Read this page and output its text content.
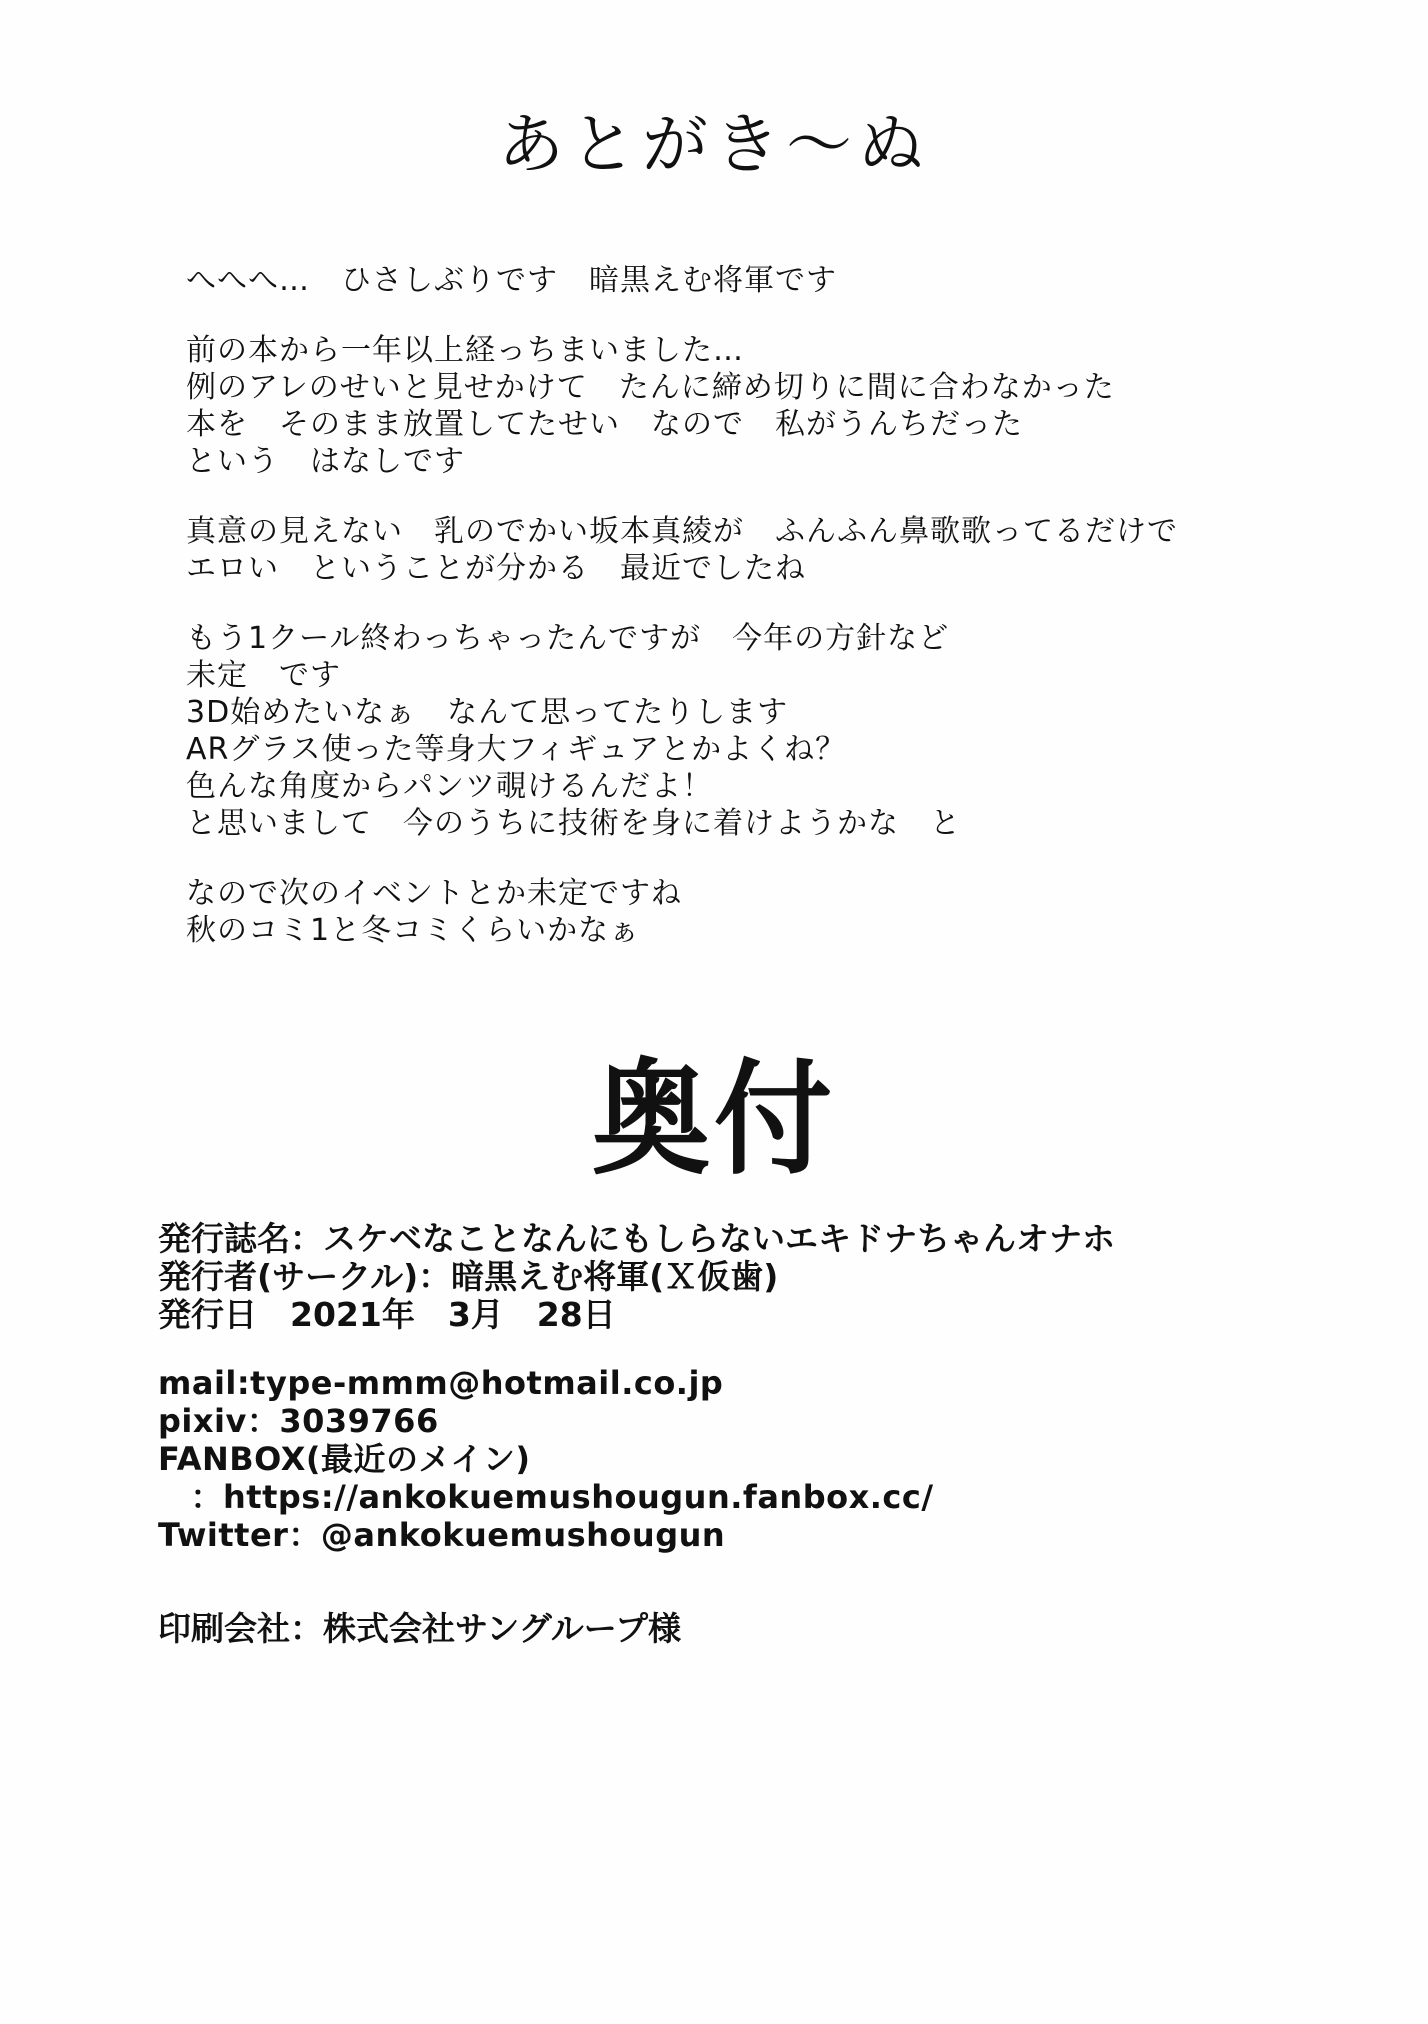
あとがき～ぬ

へへへ…　ひさしぶりです　暗黒えむ将軍です

前の本から一年以上経っちまいました…
例のアレのせいと見せかけて　たんに締め切りに間に合わなかった
本を　そのまま放置してたせい　なので　私がうんちだった
という　はなしです

真意の見えない　乳のでかい坂本真綾が　ふんふん鼻歌歌ってるだけで
エロい　ということが分かる　最近でしたね

もう1クール終わっちゃったんですが　今年の方針など
未定　です
3D始めたいなぁ　なんて思ってたりします
ARグラス使った等身大フィギュアとかよくね？
色んな角度からパンツ覗けるんだよ！
と思いまして　今のうちに技術を身に着けようかな　と

なので次のイベントとか未定ですね
秋のコミ1と冬コミくらいかなぁ

奥付
発行誌名：スケベなことなんにもしらないエキドナちゃんオナホ
発行者(サークル)：暗黒えむ将軍(Ｘ仮歯)
発行日　2021年　3月　28日
mail:type-mmm@hotmail.co.jp
pixiv：3039766
FANBOX(最近のメイン)
　：https://ankokuemushougun.fanbox.cc/
Twitter：@ankokuemushougun
印刷会社：株式会社サングループ様
